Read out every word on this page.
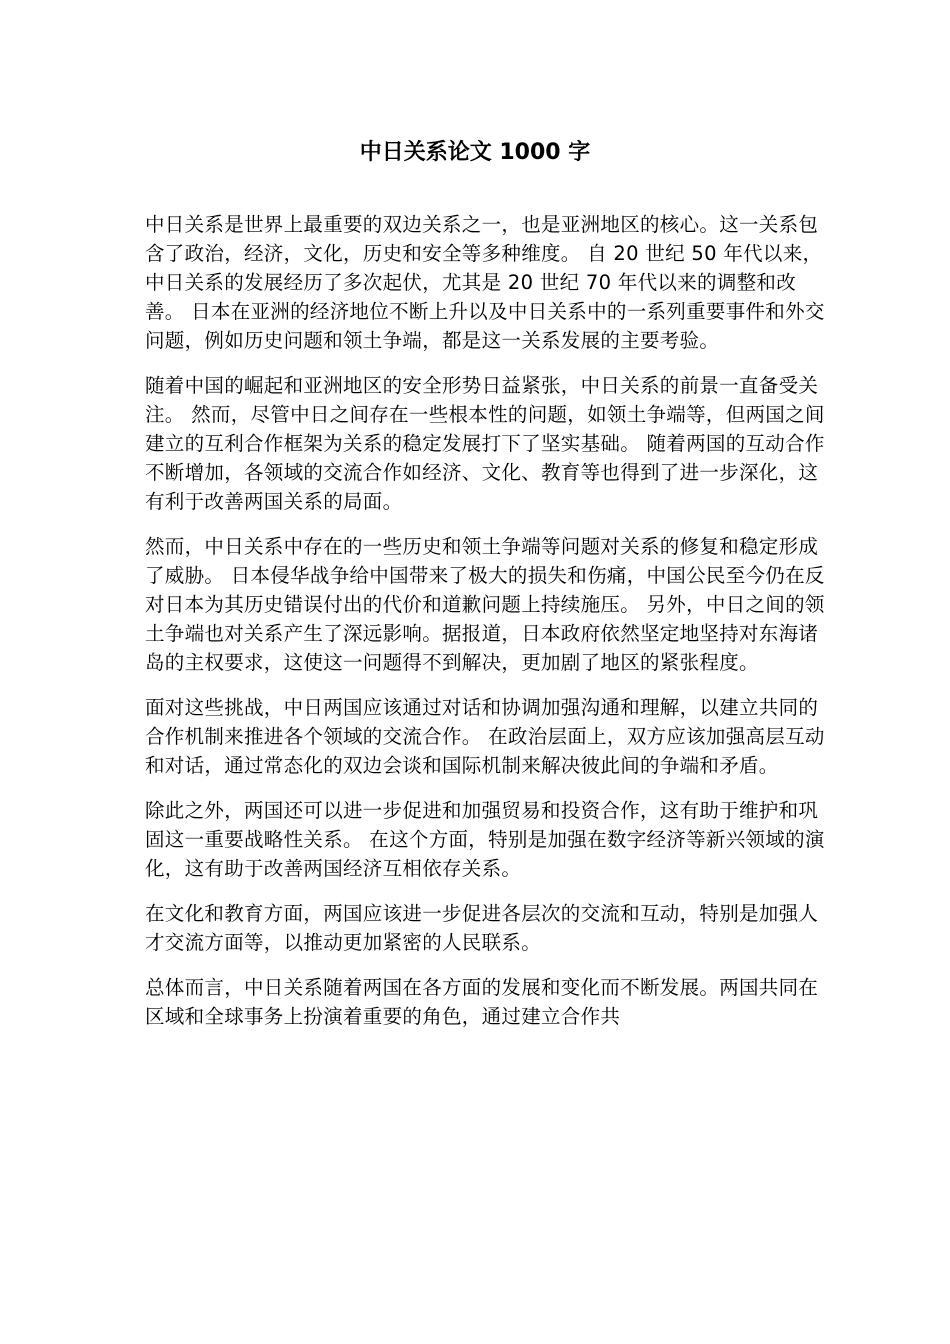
中日关系论文 1000 字

中日关系是世界上最重要的双边关系之一，也是亚洲地区的核心。这一关系包含了政治，经济，文化，历史和安全等多种维度。 自 20 世纪 50 年代以来，中日关系的发展经历了多次起伏，尤其是 20 世纪 70 年代以来的调整和改善。 日本在亚洲的经济地位不断上升以及中日关系中的一系列重要事件和外交问题，例如历史问题和领土争端，都是这一关系发展的主要考验。

随着中国的崛起和亚洲地区的安全形势日益紧张，中日关系的前景一直备受关注。 然而，尽管中日之间存在一些根本性的问题，如领土争端等，但两国之间建立的互利合作框架为关系的稳定发展打下了坚实基础。 随着两国的互动合作不断增加，各领域的交流合作如经济、文化、教育等也得到了进一步深化，这有利于改善两国关系的局面。

然而，中日关系中存在的一些历史和领土争端等问题对关系的修复和稳定形成了威胁。 日本侵华战争给中国带来了极大的损失和伤痛，中国公民至今仍在反对日本为其历史错误付出的代价和道歉问题上持续施压。 另外，中日之间的领土争端也对关系产生了深远影响。据报道，日本政府依然坚定地坚持对东海诸岛的主权要求，这使这一问题得不到解决，更加剧了地区的紧张程度。

面对这些挑战，中日两国应该通过对话和协调加强沟通和理解，以建立共同的合作机制来推进各个领域的交流合作。 在政治层面上，双方应该加强高层互动和对话，通过常态化的双边会谈和国际机制来解决彼此间的争端和矛盾。

除此之外，两国还可以进一步促进和加强贸易和投资合作，这有助于维护和巩固这一重要战略性关系。 在这个方面，特别是加强在数字经济等新兴领域的演化，这有助于改善两国经济互相依存关系。

在文化和教育方面，两国应该进一步促进各层次的交流和互动，特别是加强人才交流方面等，以推动更加紧密的人民联系。

总体而言，中日关系随着两国在各方面的发展和变化而不断发展。两国共同在区域和全球事务上扮演着重要的角色，通过建立合作共
